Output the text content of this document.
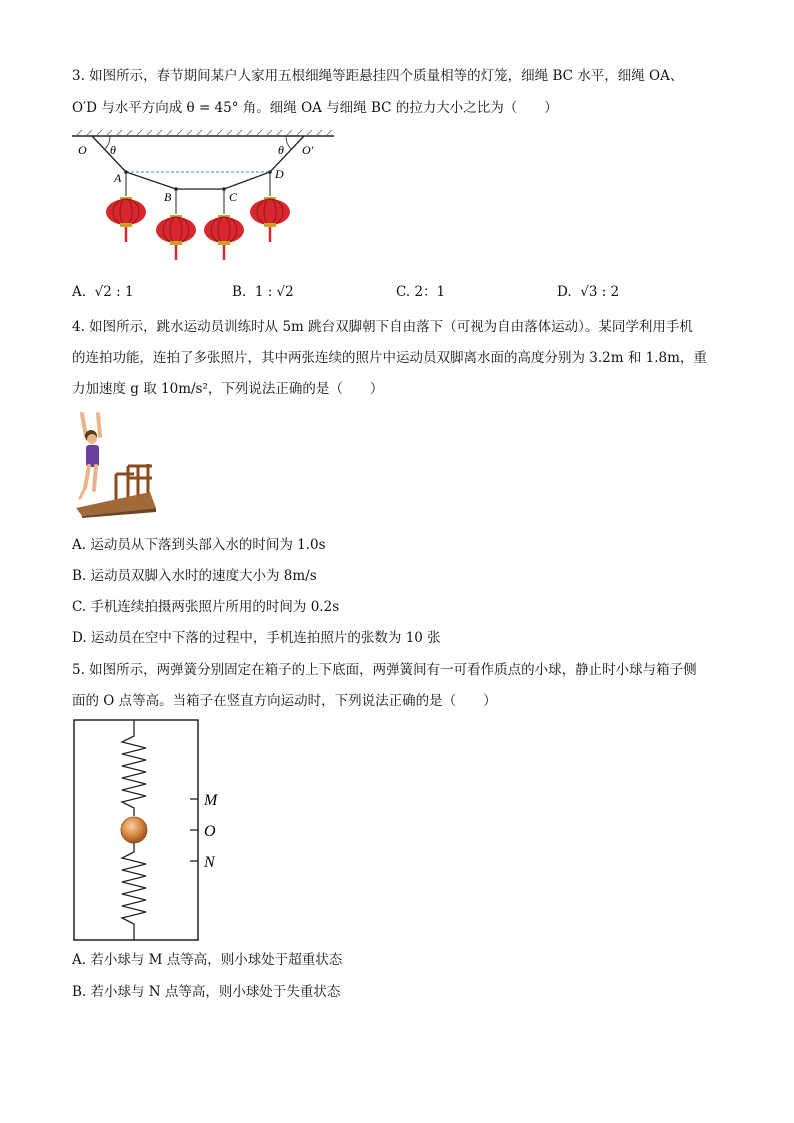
3. 如图所示，春节期间某户人家用五根细绳等距悬挂四个质量相等的灯笼，细绳 BC 水平，细绳 OA、
O′D 与水平方向成 θ = 45° 角。细绳 OA 与细绳 BC 的拉力大小之比为（　　）
O θ	θ O′
A
B	C
D
A. √2 : 1	B. 1 : √2	C. 2：1	D. √3 : 2
4. 如图所示，跳水运动员训练时从 5m 跳台双脚朝下自由落下（可视为自由落体运动）。某同学利用手机
的连拍功能，连拍了多张照片，其中两张连续的照片中运动员双脚离水面的高度分别为 3.2m 和 1.8m，重
力加速度 g 取 10m/s²，下列说法正确的是（　　）
A. 运动员从下落到头部入水的时间为 1.0s
B. 运动员双脚入水时的速度大小为 8m/s
C. 手机连续拍摄两张照片所用的时间为 0.2s
D. 运动员在空中下落的过程中，手机连拍照片的张数为 10 张
5. 如图所示，两弹簧分别固定在箱子的上下底面，两弹簧间有一可看作质点的小球，静止时小球与箱子侧
面的 O 点等高。当箱子在竖直方向运动时，下列说法正确的是（　　）
M
O
N
A. 若小球与 M 点等高，则小球处于超重状态
B. 若小球与 N 点等高，则小球处于失重状态
